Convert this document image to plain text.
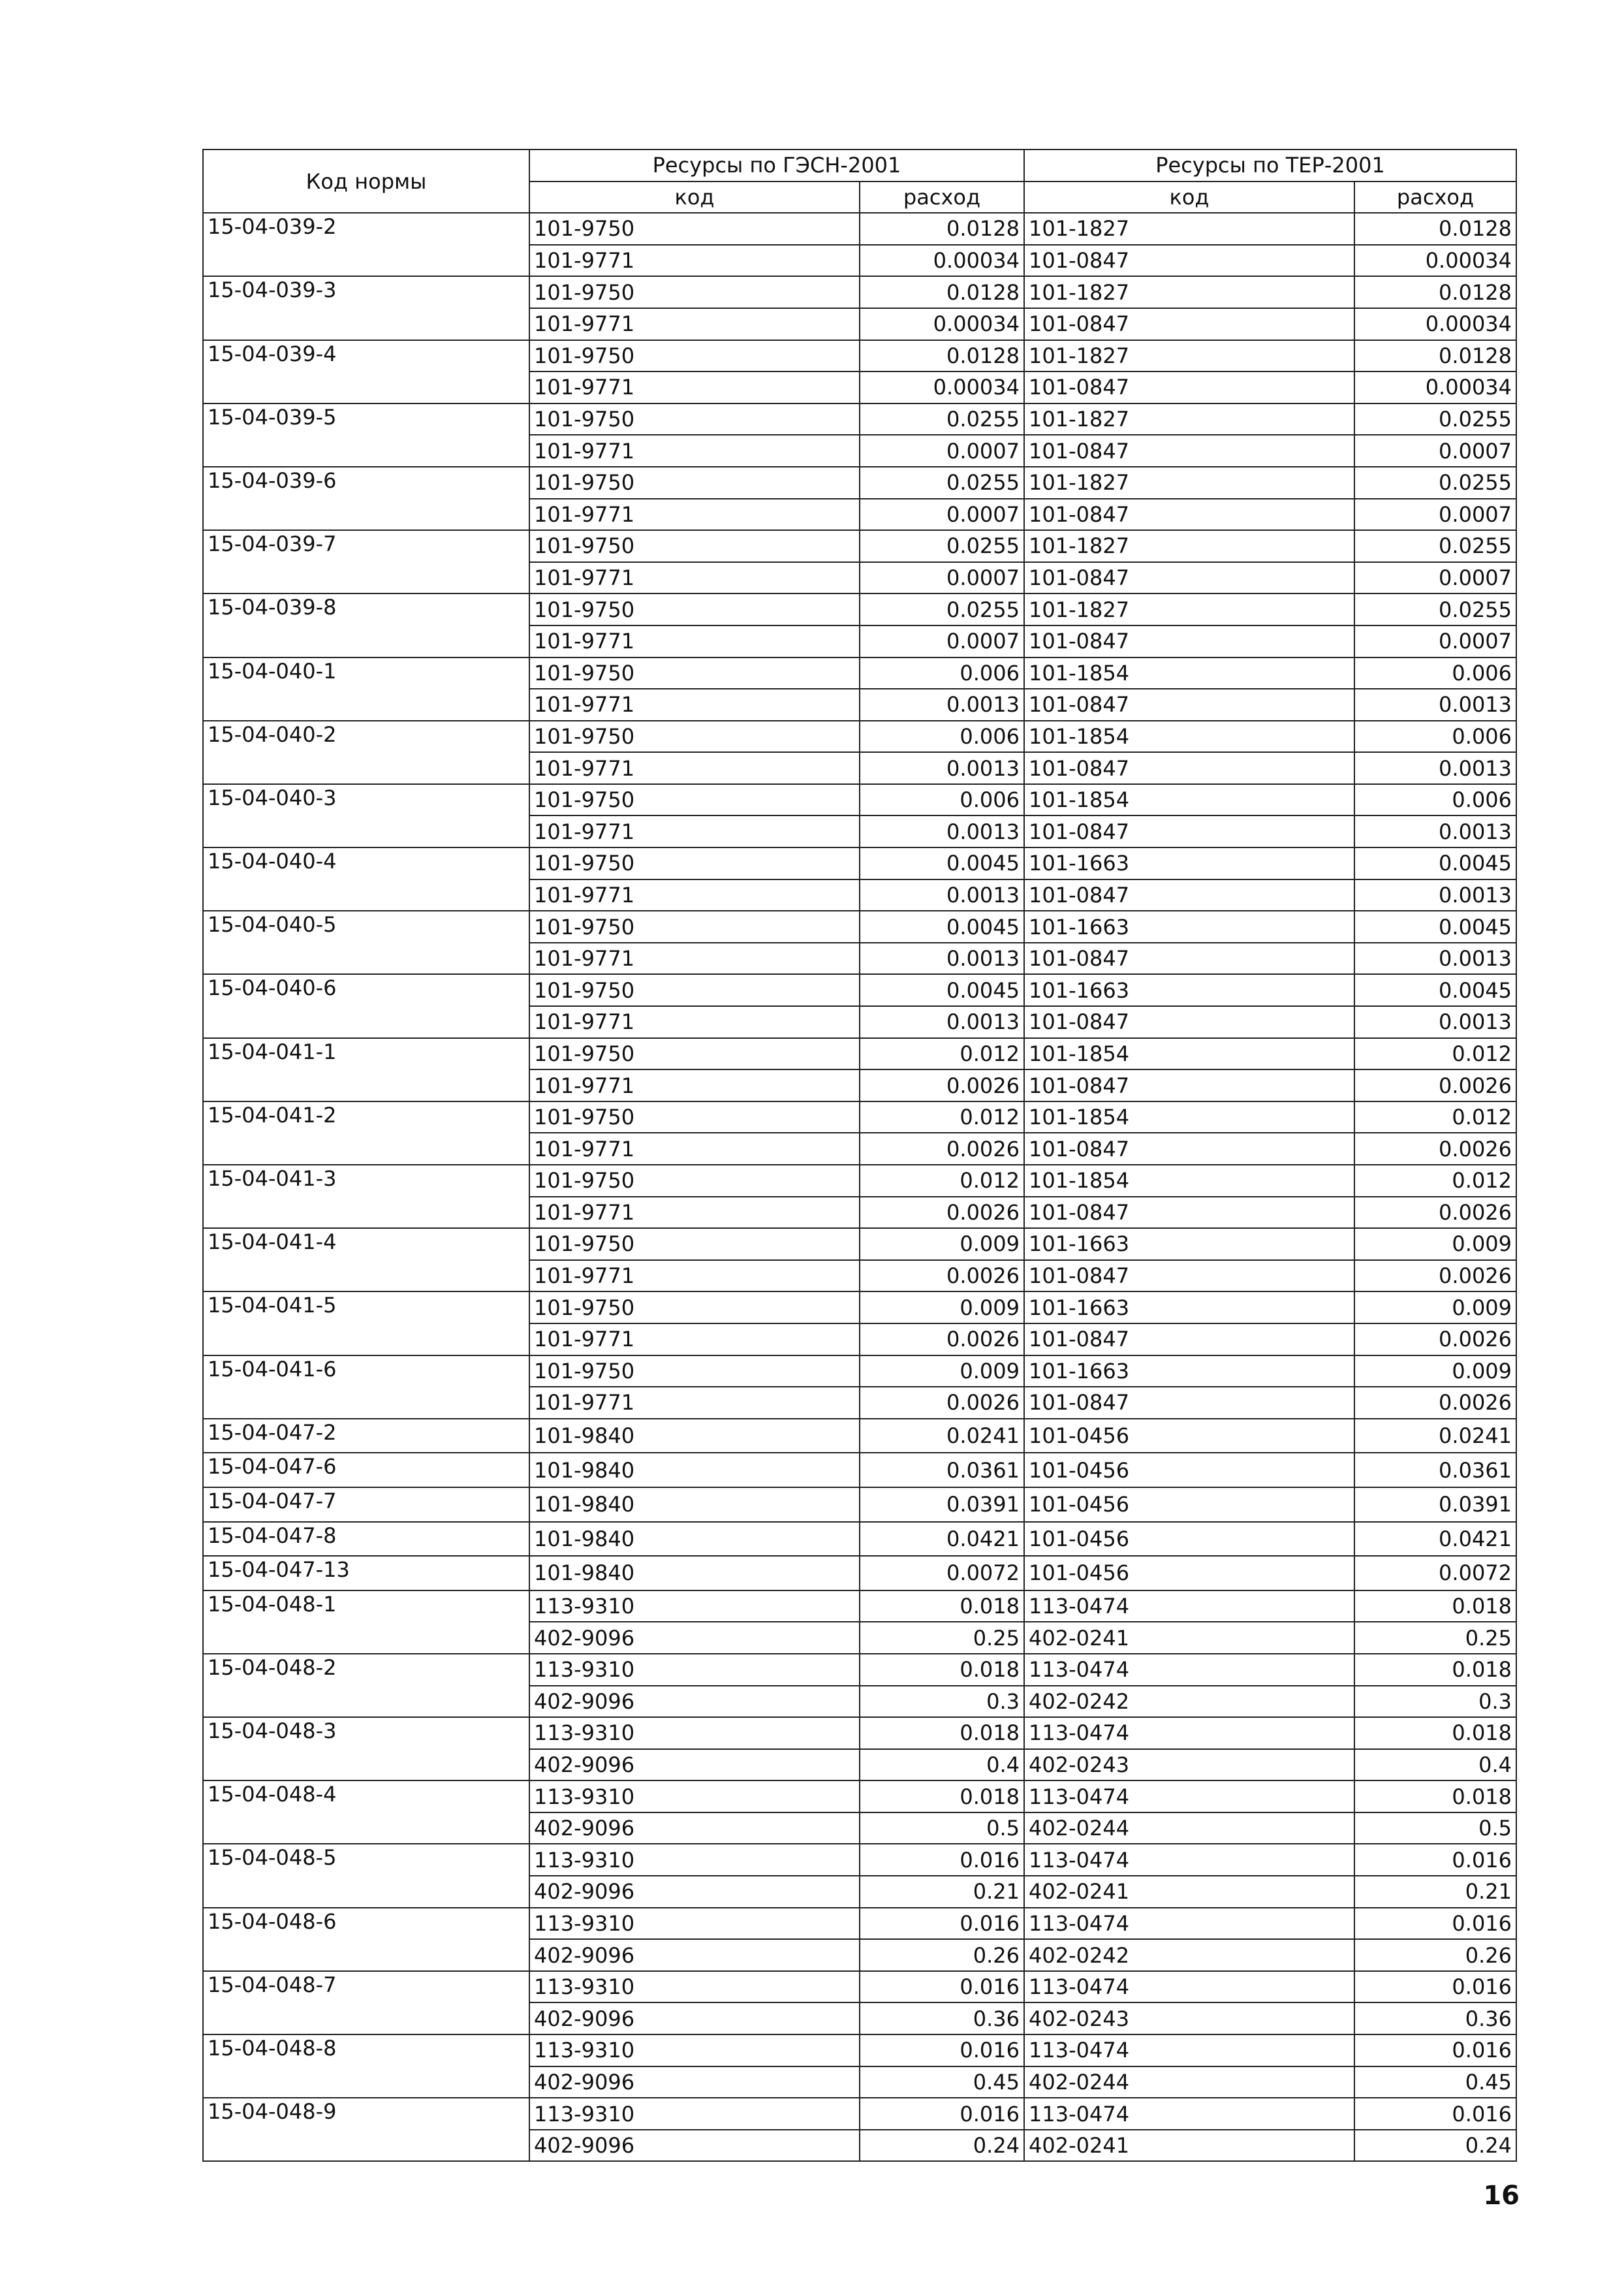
Код нормы	Ресурсы по ГЭСН-2001		Ресурсы по ТЕР-2001	
	код	расход	код	расход
15-04-039-2	101-9750	0.0128	101-1827	0.0128
	101-9771	0.00034	101-0847	0.00034
15-04-039-3	101-9750	0.0128	101-1827	0.0128
	101-9771	0.00034	101-0847	0.00034
15-04-039-4	101-9750	0.0128	101-1827	0.0128
	101-9771	0.00034	101-0847	0.00034
15-04-039-5	101-9750	0.0255	101-1827	0.0255
	101-9771	0.0007	101-0847	0.0007
15-04-039-6	101-9750	0.0255	101-1827	0.0255
	101-9771	0.0007	101-0847	0.0007
15-04-039-7	101-9750	0.0255	101-1827	0.0255
	101-9771	0.0007	101-0847	0.0007
15-04-039-8	101-9750	0.0255	101-1827	0.0255
	101-9771	0.0007	101-0847	0.0007
15-04-040-1	101-9750	0.006	101-1854	0.006
	101-9771	0.0013	101-0847	0.0013
15-04-040-2	101-9750	0.006	101-1854	0.006
	101-9771	0.0013	101-0847	0.0013
15-04-040-3	101-9750	0.006	101-1854	0.006
	101-9771	0.0013	101-0847	0.0013
15-04-040-4	101-9750	0.0045	101-1663	0.0045
	101-9771	0.0013	101-0847	0.0013
15-04-040-5	101-9750	0.0045	101-1663	0.0045
	101-9771	0.0013	101-0847	0.0013
15-04-040-6	101-9750	0.0045	101-1663	0.0045
	101-9771	0.0013	101-0847	0.0013
15-04-041-1	101-9750	0.012	101-1854	0.012
	101-9771	0.0026	101-0847	0.0026
15-04-041-2	101-9750	0.012	101-1854	0.012
	101-9771	0.0026	101-0847	0.0026
15-04-041-3	101-9750	0.012	101-1854	0.012
	101-9771	0.0026	101-0847	0.0026
15-04-041-4	101-9750	0.009	101-1663	0.009
	101-9771	0.0026	101-0847	0.0026
15-04-041-5	101-9750	0.009	101-1663	0.009
	101-9771	0.0026	101-0847	0.0026
15-04-041-6	101-9750	0.009	101-1663	0.009
	101-9771	0.0026	101-0847	0.0026
15-04-047-2	101-9840	0.0241	101-0456	0.0241
15-04-047-6	101-9840	0.0361	101-0456	0.0361
15-04-047-7	101-9840	0.0391	101-0456	0.0391
15-04-047-8	101-9840	0.0421	101-0456	0.0421
15-04-047-13	101-9840	0.0072	101-0456	0.0072
15-04-048-1	113-9310	0.018	113-0474	0.018
	402-9096	0.25	402-0241	0.25
15-04-048-2	113-9310	0.018	113-0474	0.018
	402-9096	0.3	402-0242	0.3
15-04-048-3	113-9310	0.018	113-0474	0.018
	402-9096	0.4	402-0243	0.4
15-04-048-4	113-9310	0.018	113-0474	0.018
	402-9096	0.5	402-0244	0.5
15-04-048-5	113-9310	0.016	113-0474	0.016
	402-9096	0.21	402-0241	0.21
15-04-048-6	113-9310	0.016	113-0474	0.016
	402-9096	0.26	402-0242	0.26
15-04-048-7	113-9310	0.016	113-0474	0.016
	402-9096	0.36	402-0243	0.36
15-04-048-8	113-9310	0.016	113-0474	0.016
	402-9096	0.45	402-0244	0.45
15-04-048-9	113-9310	0.016	113-0474	0.016
	402-9096	0.24	402-0241	0.24
16
